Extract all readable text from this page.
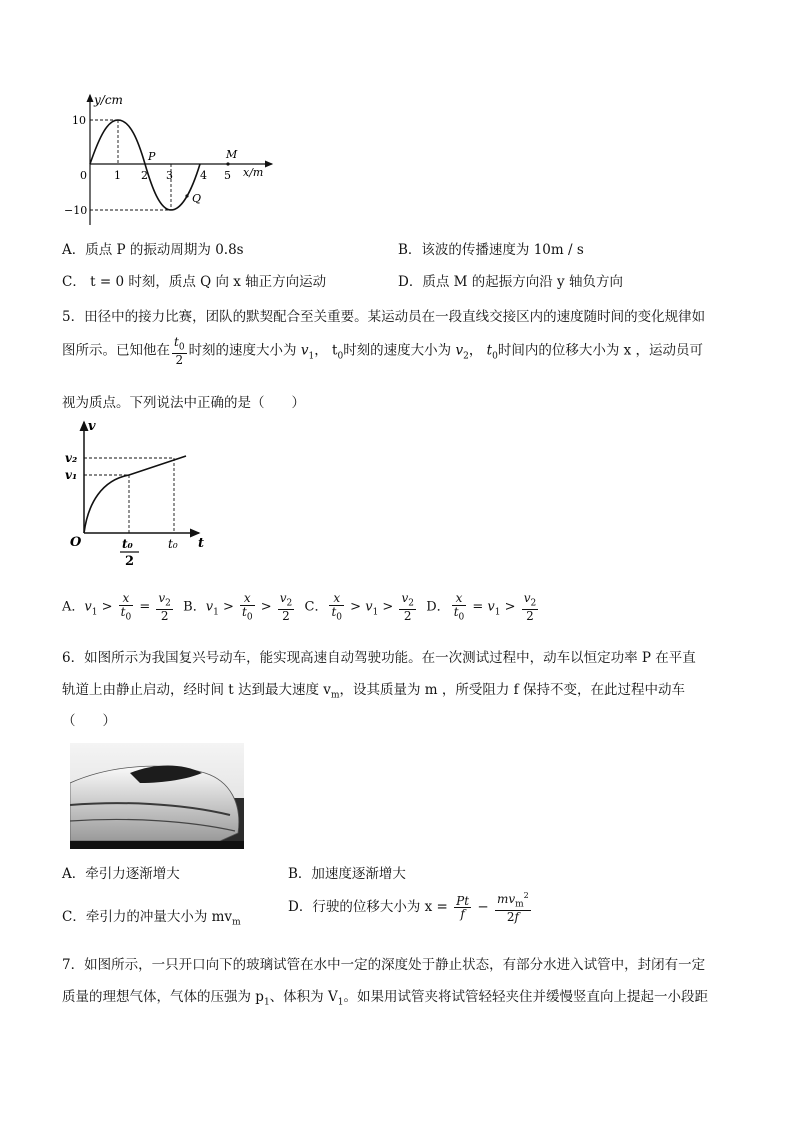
y/cm
x/m
10
−10
0 1 2 3 4 5
P
Q
M
A．质点 P 的振动周期为 0.8s	B．该波的传播速度为 10m / s
C． t = 0 时刻，质点 Q 向 x 轴正方向运动	D．质点 M 的起振方向沿 y 轴负方向
5．田径中的接力比赛，团队的默契配合至关重要。某运动员在一段直线交接区内的速度随时间的变化规律如
图所示。已知他在 $\frac{t_0}{2}$ 时刻的速度大小为 $v_1$， $t_0$时刻的速度大小为 $v_2$， $t_0$时间内的位移大小为 x ，运动员可
视为质点。下列说法中正确的是（　　）
v
t
O
v₂
v₁
t₀
2
t₀
A．$v_1 > \frac{x}{t_0} = \frac{v_2}{2}$ B．$v_1 > \frac{x}{t_0} > \frac{v_2}{2}$ C． $\frac{x}{t_0} > v_1 > \frac{v_2}{2}$ D． $\frac{x}{t_0} = v_1 > \frac{v_2}{2}$
6．如图所示为我国复兴号动车，能实现高速自动驾驶功能。在一次测试过程中，动车以恒定功率 P 在平直
轨道上由静止启动，经时间 t 达到最大速度 $v_m$，设其质量为 m ，所受阻力 f 保持不变，在此过程中动车
（　　）
A．牵引力逐渐增大	B．加速度逐渐增大
C．牵引力的冲量大小为 $mv_m$
D．行驶的位移大小为 $x = \frac{Pt}{f} - \frac{mv_m^2}{2f}$
7．如图所示，一只开口向下的玻璃试管在水中一定的深度处于静止状态，有部分水进入试管中，封闭有一定
质量的理想气体，气体的压强为 $p_1$、体积为 $V_1$。如果用试管夹将试管轻轻夹住并缓慢竖直向上提起一小段距
